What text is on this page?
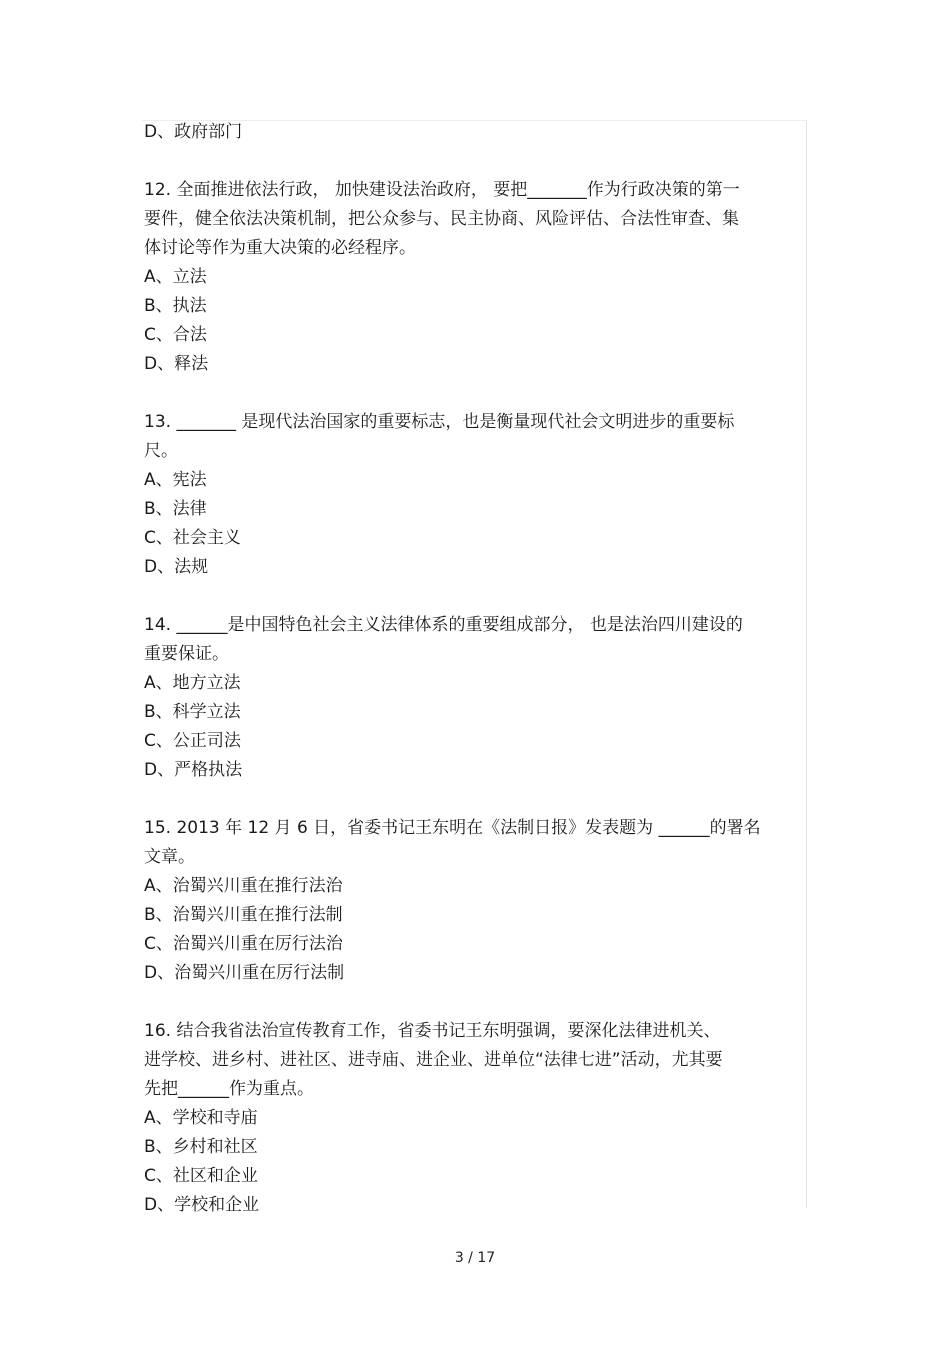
D、政府部门
12. 全面推进依法行政， 加快建设法治政府， 要把_______作为行政决策的第一
要件，健全依法决策机制，把公众参与、民主协商、风险评估、合法性审查、集
体讨论等作为重大决策的必经程序。
A、立法
B、执法
C、合法
D、释法
13. _______ 是现代法治国家的重要标志，也是衡量现代社会文明进步的重要标
尺。
A、宪法
B、法律
C、社会主义
D、法规
14. ______是中国特色社会主义法律体系的重要组成部分， 也是法治四川建设的
重要保证。
A、地方立法
B、科学立法
C、公正司法
D、严格执法
15. 2013 年 12 月 6 日，省委书记王东明在《法制日报》发表题为 ______的署名
文章。
A、治蜀兴川重在推行法治
B、治蜀兴川重在推行法制
C、治蜀兴川重在厉行法治
D、治蜀兴川重在厉行法制
16. 结合我省法治宣传教育工作，省委书记王东明强调，要深化法律进机关、
进学校、进乡村、进社区、进寺庙、进企业、进单位“法律七进”活动，尤其要
先把______作为重点。
A、学校和寺庙
B、乡村和社区
C、社区和企业
D、学校和企业
3 / 17
